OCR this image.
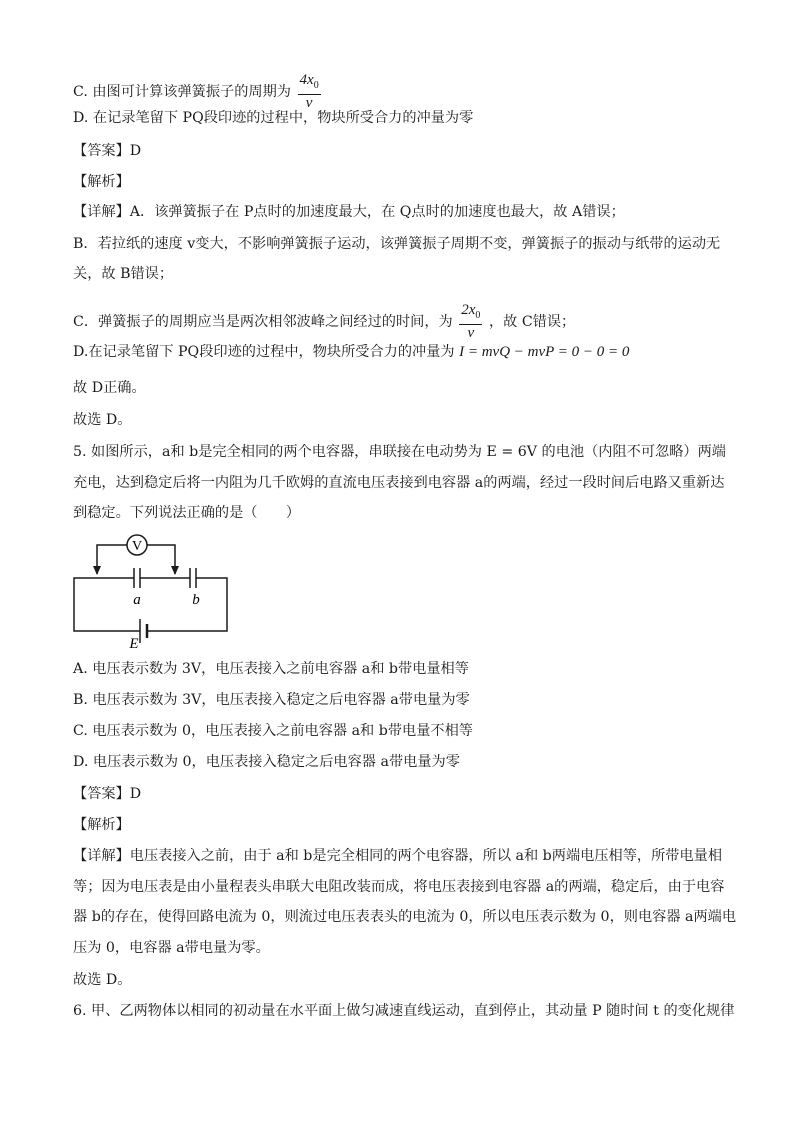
C. 由图可计算该弹簧振子的周期为 $\frac{4x_0}{v}$
D. 在记录笔留下 PQ段印迹的过程中，物块所受合力的冲量为零
【答案】D
【解析】
【详解】A．该弹簧振子在 P点时的加速度最大，在 Q点时的加速度也最大，故 A错误；
B．若拉纸的速度 v变大，不影响弹簧振子运动，该弹簧振子周期不变，弹簧振子的振动与纸带的运动无
关，故 B错误；
C．弹簧振子的周期应当是两次相邻波峰之间经过的时间，为 $\frac{2x_0}{v}$ ，故 C错误；
D.在记录笔留下 PQ段印迹的过程中，物块所受合力的冲量为 I = mvQ − mvP = 0 − 0 = 0
故 D正确。
故选 D。
5. 如图所示，a和 b是完全相同的两个电容器，串联接在电动势为 E = 6V 的电池（内阻不可忽略）两端
充电，达到稳定后将一内阻为几千欧姆的直流电压表接到电容器 a的两端，经过一段时间后电路又重新达
到稳定。下列说法正确的是（　　）
V
a	b
E
A. 电压表示数为 3V，电压表接入之前电容器 a和 b带电量相等
B. 电压表示数为 3V，电压表接入稳定之后电容器 a带电量为零
C. 电压表示数为 0，电压表接入之前电容器 a和 b带电量不相等
D. 电压表示数为 0，电压表接入稳定之后电容器 a带电量为零
【答案】D
【解析】
【详解】电压表接入之前，由于 a和 b是完全相同的两个电容器，所以 a和 b两端电压相等，所带电量相
等；因为电压表是由小量程表头串联大电阻改装而成，将电压表接到电容器 a的两端，稳定后，由于电容
器 b的存在，使得回路电流为 0，则流过电压表表头的电流为 0，所以电压表示数为 0，则电容器 a两端电
压为 0，电容器 a带电量为零。
故选 D。
6. 甲、乙两物体以相同的初动量在水平面上做匀减速直线运动，直到停止，其动量 P 随时间 t 的变化规律
